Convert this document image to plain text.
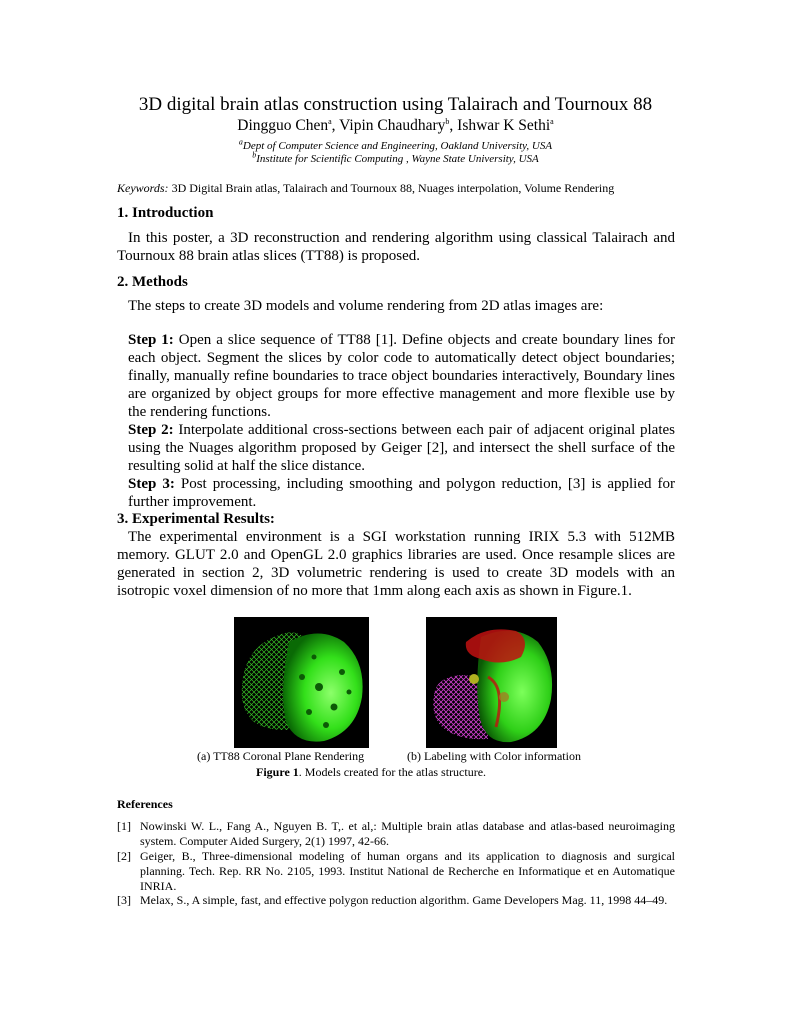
3D digital brain atlas construction using Talairach and Tournoux 88
Dingguo Chen$^a$, Vipin Chaudhary$^b$, Ishwar K Sethi$^a$
$^a$Dept of Computer Science and Engineering, Oakland University, USA
$^b$Institute for Scientific Computing , Wayne State University, USA
Keywords: 3D Digital Brain atlas, Talairach and Tournoux 88, Nuages interpolation, Volume Rendering
1. Introduction
In this poster, a 3D reconstruction and rendering algorithm using classical Talairach and Tournoux 88 brain atlas slices (TT88) is proposed.
2. Methods
The steps to create 3D models and volume rendering from 2D atlas images are:
Step 1: Open a slice sequence of TT88 [1]. Define objects and create boundary lines for each object. Segment the slices by color code to automatically detect object boundaries; finally, manually refine boundaries to trace object boundaries interactively, Boundary lines are organized by object groups for more effective management and more flexible use by the rendering functions.
Step 2: Interpolate additional cross-sections between each pair of adjacent original plates using the Nuages algorithm proposed by Geiger [2], and intersect the shell surface of the resulting solid at half the slice distance.
Step 3: Post processing, including smoothing and polygon reduction, [3] is applied for further improvement.
3. Experimental Results:
The experimental environment is a SGI workstation running IRIX 5.3 with 512MB memory. GLUT 2.0 and OpenGL 2.0 graphics libraries are used. Once resample slices are generated in section 2, 3D volumetric rendering is used to create 3D models with an isotropic voxel dimension of no more that 1mm along each axis as shown in Figure.1.
(a) TT88 Coronal Plane Rendering	(b) Labeling with Color information
Figure 1. Models created for the atlas structure.
References
[1] Nowinski W. L., Fang A., Nguyen B. T,. et al,: Multiple brain atlas database and atlas-based neuroimaging system. Computer Aided Surgery, 2(1) 1997, 42-66.
[2] Geiger, B., Three-dimensional modeling of human organs and its application to diagnosis and surgical planning. Tech. Rep. RR No. 2105, 1993. Institut National de Recherche en Informatique et en Automatique INRIA.
[3] Melax, S., A simple, fast, and effective polygon reduction algorithm. Game Developers Mag. 11, 1998 44–49.
